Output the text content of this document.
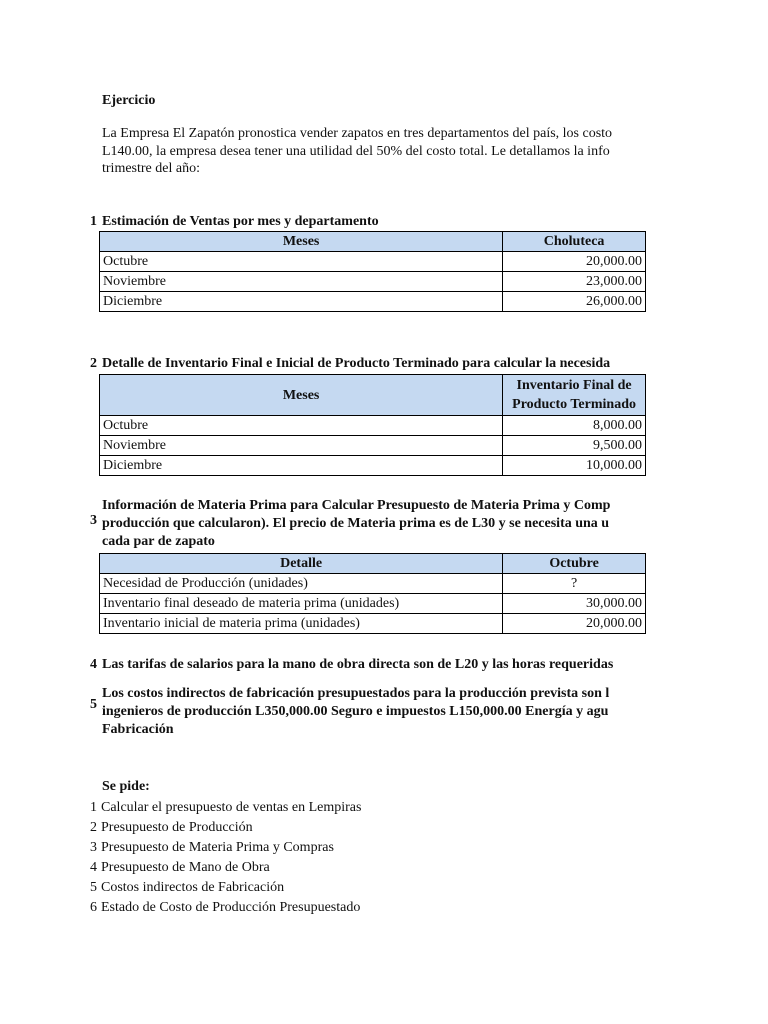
Ejercicio
La Empresa El Zapatón pronostica vender zapatos en tres departamentos del país, los costo
L140.00, la empresa desea tener una utilidad del 50% del costo total. Le detallamos la info
trimestre del año:
1 Estimación de Ventas por mes y departamento
Meses	Choluteca
Octubre	20,000.00
Noviembre	23,000.00
Diciembre	26,000.00
2 Detalle de Inventario Final e Inicial de Producto Terminado para calcular la necesida
Meses	Inventario Final de
Producto Terminado

Octubre	8,000.00
Noviembre	9,500.00
Diciembre	10,000.00
3
Información de Materia Prima para Calcular Presupuesto de Materia Prima y Comp
producción que calcularon). El precio de Materia prima es de L30 y se necesita una u
cada par de zapato
Detalle	Octubre
Necesidad de Producción (unidades)	?
Inventario final deseado de materia prima (unidades)	30,000.00
Inventario inicial de materia prima (unidades)	20,000.00
4 Las tarifas de salarios para la mano de obra directa son de L20 y las horas requeridas
5
Los costos indirectos de fabricación presupuestados para la producción prevista son l
ingenieros de producción L350,000.00 Seguro e impuestos L150,000.00 Energía y agu
Fabricación
Se pide:
1 Calcular el presupuesto de ventas en Lempiras
2 Presupuesto de Producción
3 Presupuesto de Materia Prima y Compras
4 Presupuesto de Mano de Obra
5 Costos indirectos de Fabricación
6 Estado de Costo de Producción Presupuestado
